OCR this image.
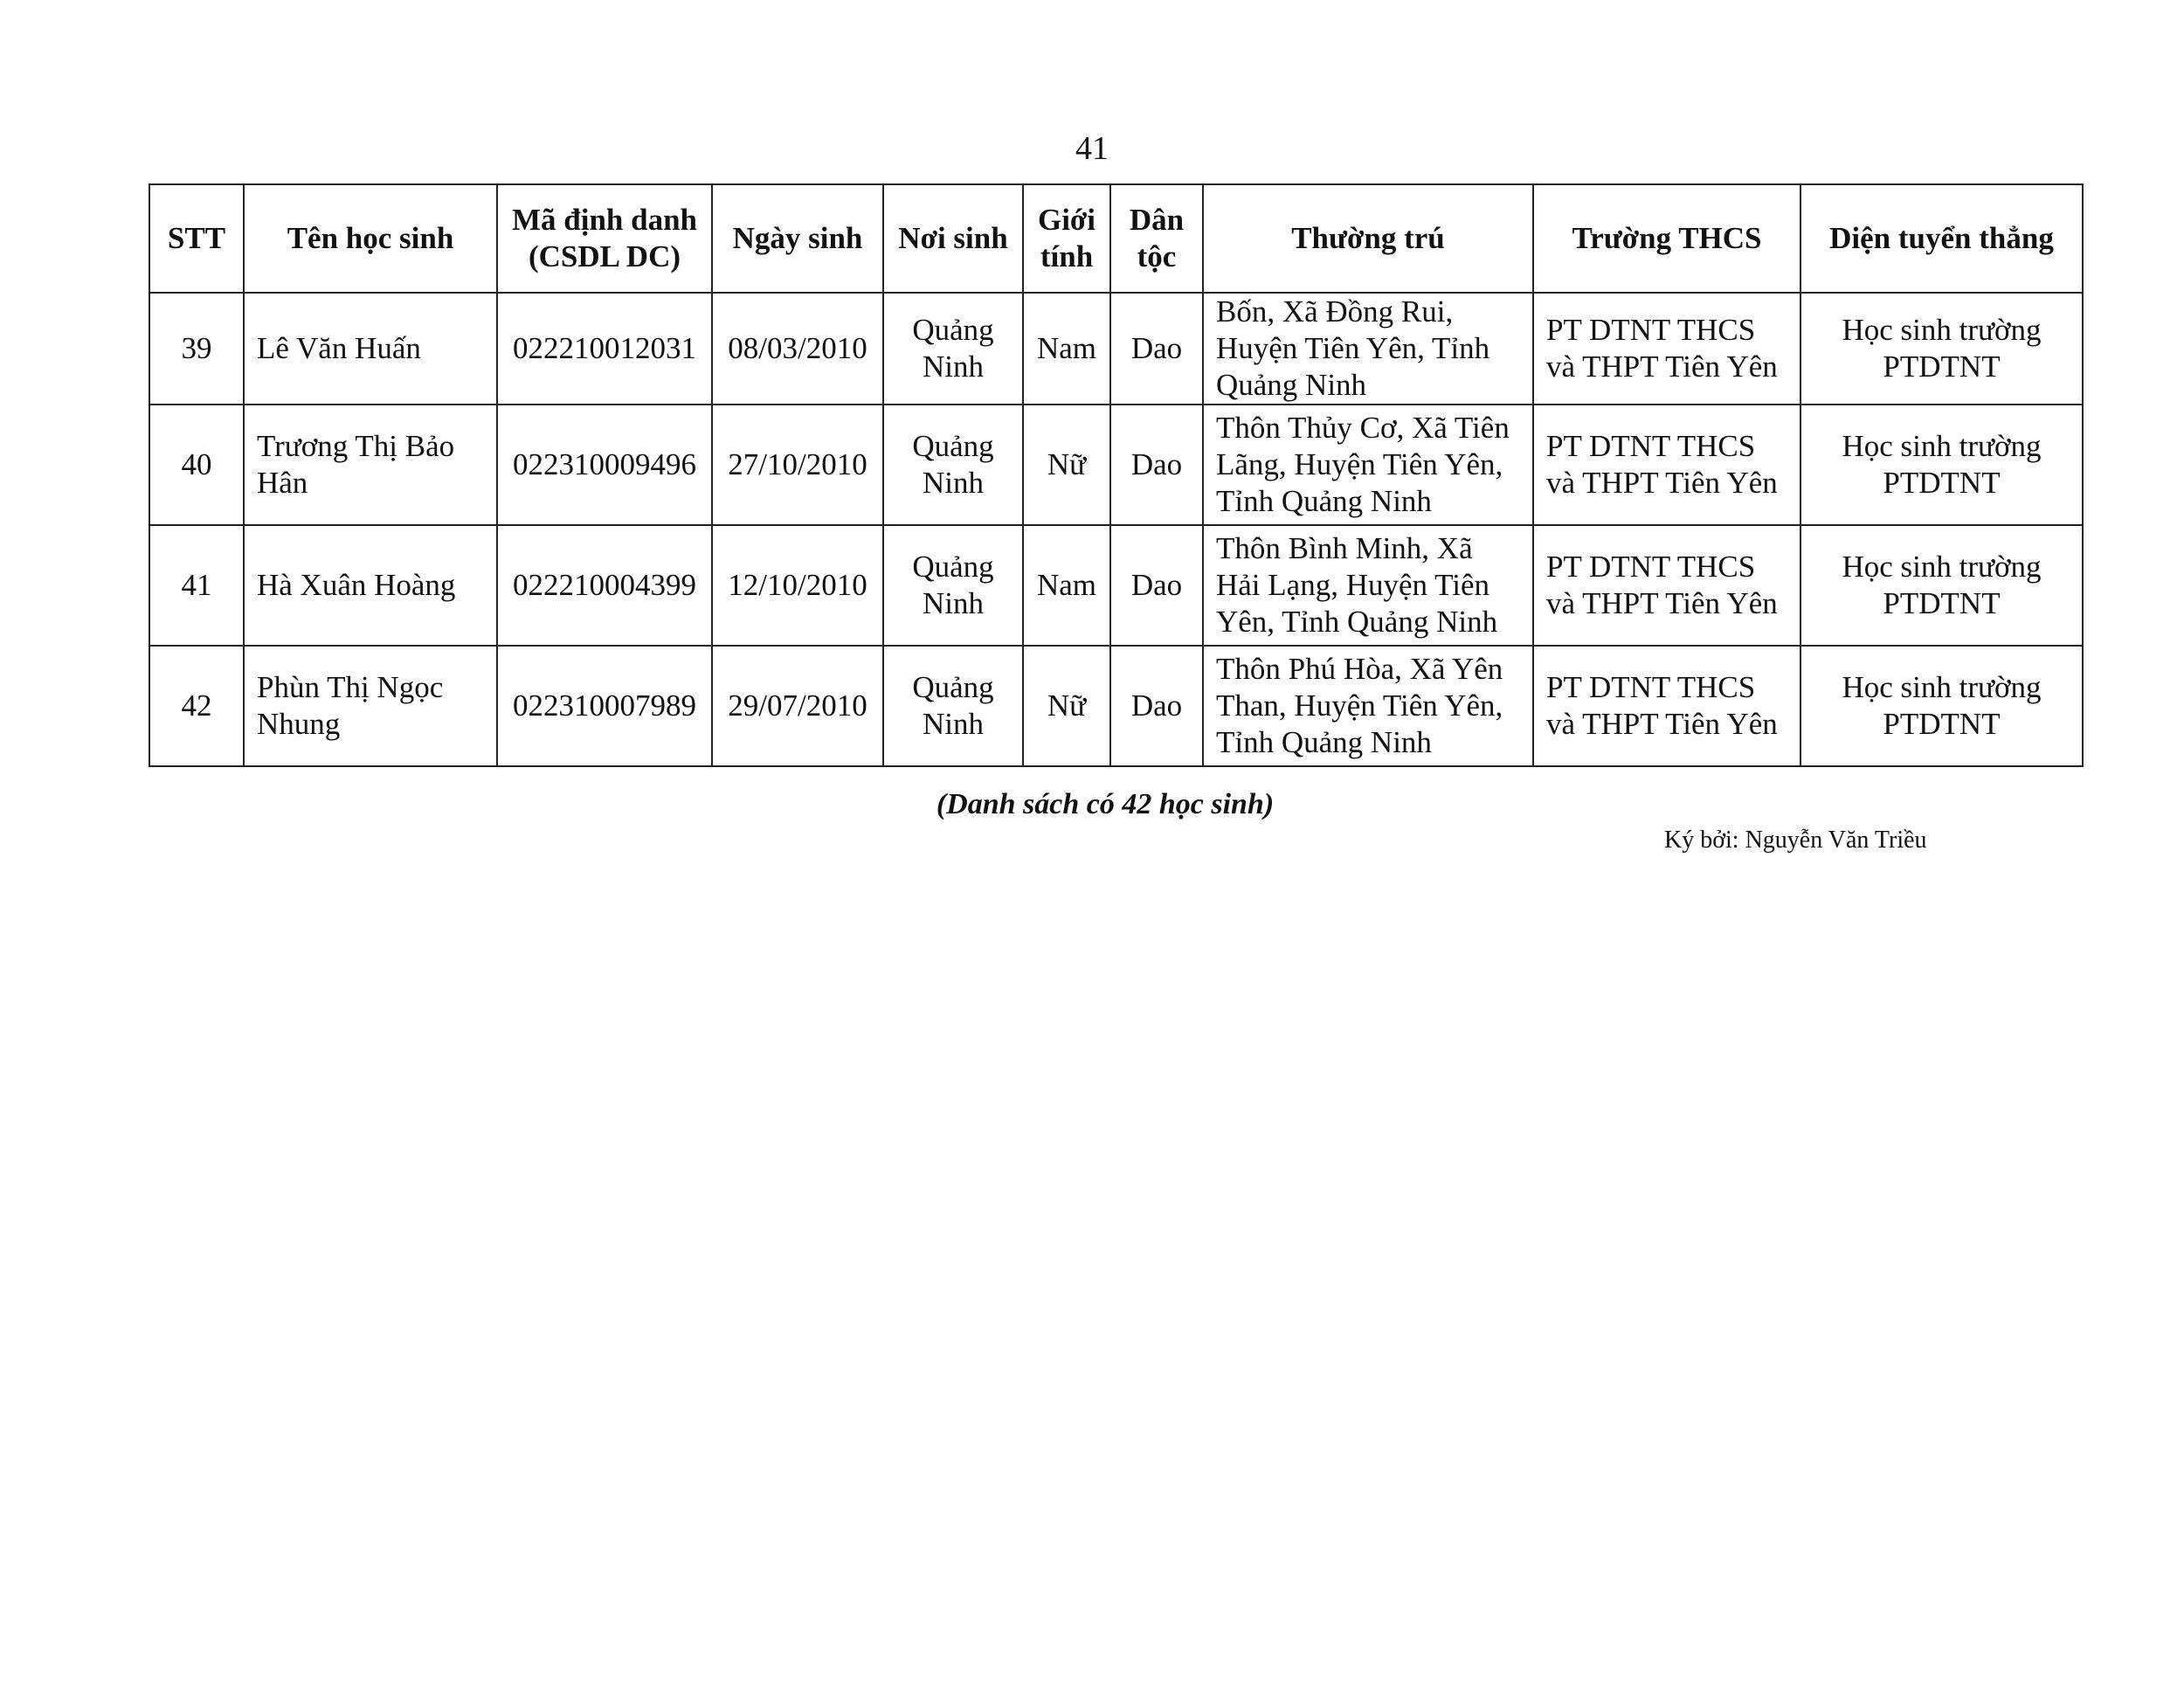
41
STT	Tên học sinh	Mã định danh (CSDL DC)	Ngày sinh	Nơi sinh	Giới tính	Dân tộc	Thường trú	Trường THCS	Diện tuyển thẳng
39	Lê Văn Huấn	022210012031	08/03/2010	Quảng Ninh	Nam	Dao	Bốn, Xã Đồng Rui, Huyện Tiên Yên, Tỉnh Quảng Ninh	PT DTNT THCS và THPT Tiên Yên	Học sinh trường PTDTNT
40	Trương Thị Bảo Hân	022310009496	27/10/2010	Quảng Ninh	Nữ	Dao	Thôn Thủy Cơ, Xã Tiên Lãng, Huyện Tiên Yên, Tỉnh Quảng Ninh	PT DTNT THCS và THPT Tiên Yên	Học sinh trường PTDTNT
41	Hà Xuân Hoàng	022210004399	12/10/2010	Quảng Ninh	Nam	Dao	Thôn Bình Minh, Xã Hải Lạng, Huyện Tiên Yên, Tỉnh Quảng Ninh	PT DTNT THCS và THPT Tiên Yên	Học sinh trường PTDTNT
42	Phùn Thị Ngọc Nhung	022310007989	29/07/2010	Quảng Ninh	Nữ	Dao	Thôn Phú Hòa, Xã Yên Than, Huyện Tiên Yên, Tỉnh Quảng Ninh	PT DTNT THCS và THPT Tiên Yên	Học sinh trường PTDTNT
(Danh sách có 42 học sinh)
Ký bởi: Nguyễn Văn Triều
